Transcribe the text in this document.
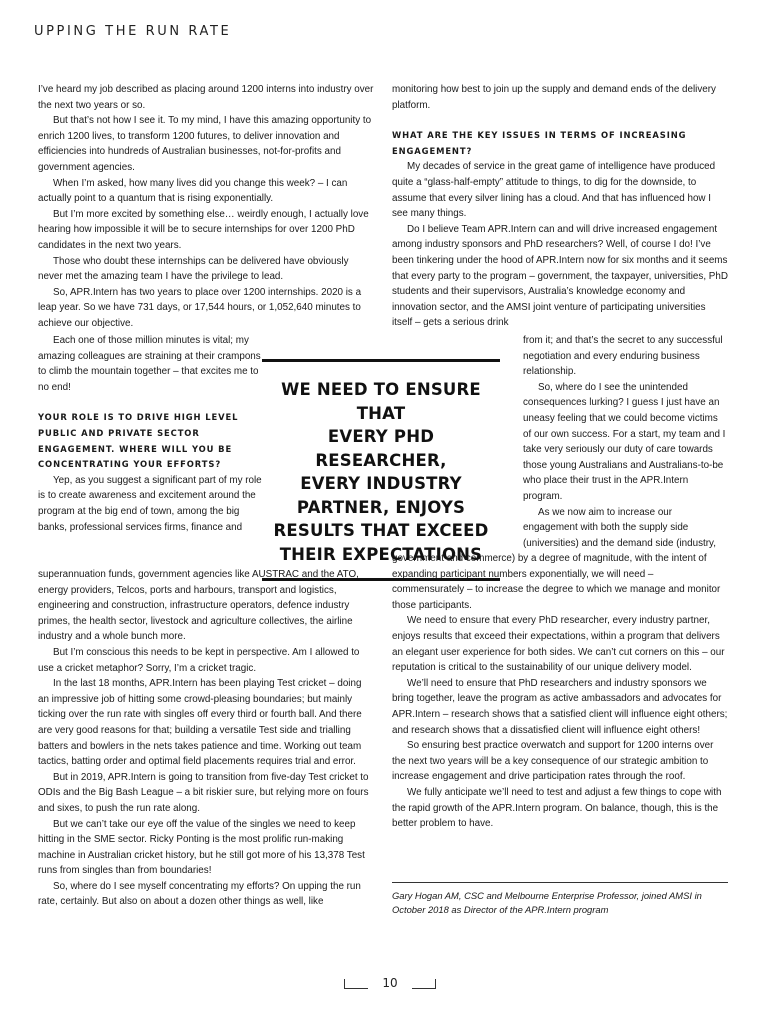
UPPING THE RUN RATE

I’ve heard my job described as placing around 1200 interns into industry over the next two years or so.

But that’s not how I see it. To my mind, I have this amazing opportunity to enrich 1200 lives, to transform 1200 futures, to deliver innovation and efficiencies into hundreds of Australian businesses, not-for-profits and government agencies.

When I’m asked, how many lives did you change this week? – I can actually point to a quantum that is rising exponentially.

But I’m more excited by something else… weirdly enough, I actually love hearing how impossible it will be to secure internships for over 1200 PhD candidates in the next two years.

Those who doubt these internships can be delivered have obviously never met the amazing team I have the privilege to lead.

So, APR.Intern has two years to place over 1200 internships. 2020 is a leap year. So we have 731 days, or 17,544 hours, or 1,052,640 minutes to achieve our objective.

Each one of those million minutes is vital; my amazing colleagues are straining at their crampons to climb the mountain together – that excites me to no end!

YOUR ROLE IS TO DRIVE HIGH LEVEL PUBLIC AND PRIVATE SECTOR ENGAGEMENT. WHERE WILL YOU BE CONCENTRATING YOUR EFFORTS?

Yep, as you suggest a significant part of my role is to create awareness and excitement around the program at the big end of town, among the big banks, professional services firms, finance and

superannuation funds, government agencies like AUSTRAC and the ATO, energy providers, Telcos, ports and harbours, transport and logistics, engineering and construction, infrastructure operators, defence industry primes, the health sector, livestock and agriculture collectives, the airline industry and a whole bunch more.

But I’m conscious this needs to be kept in perspective. Am I allowed to use a cricket metaphor? Sorry, I’m a cricket tragic.

In the last 18 months, APR.Intern has been playing Test cricket – doing an impressive job of hitting some crowd-pleasing boundaries; but mainly ticking over the run rate with singles off every third or fourth ball. And there are very good reasons for that; building a versatile Test side and trialling batters and bowlers in the nets takes patience and time. Working out team tactics, batting order and optimal field placements requires trial and error.

But in 2019, APR.Intern is going to transition from five-day Test cricket to ODIs and the Big Bash League – a bit riskier sure, but relying more on fours and sixes, to push the run rate along.

But we can’t take our eye off the value of the singles we need to keep hitting in the SME sector. Ricky Ponting is the most prolific run-making machine in Australian cricket history, but he still got more of his 13,378 Test runs from singles than from boundaries!

So, where do I see myself concentrating my efforts? On upping the run rate, certainly. But also on about a dozen other things as well, like

monitoring how best to join up the supply and demand ends of the delivery platform.

WHAT ARE THE KEY ISSUES IN TERMS OF INCREASING ENGAGEMENT?

My decades of service in the great game of intelligence have produced quite a “glass-half-empty” attitude to things, to dig for the downside, to assume that every silver lining has a cloud. And that has influenced how I see many things.

Do I believe Team APR.Intern can and will drive increased engagement among industry sponsors and PhD researchers? Well, of course I do! I’ve been tinkering under the hood of APR.Intern now for six months and it seems that every party to the program – government, the taxpayer, universities, PhD students and their supervisors, Australia’s knowledge economy and innovation sector, and the AMSI joint venture of participating universities itself – gets a serious drink

from it; and that’s the secret to any successful negotiation and every enduring business relationship.

So, where do I see the unintended consequences lurking? I guess I just have an uneasy feeling that we could become victims of our own success. For a start, my team and I take very seriously our duty of care towards those young Australians and Australians-to-be who place their trust in the APR.Intern program.

As we now aim to increase our engagement with both the supply side (universities) and the demand side (industry,

government and commerce) by a degree of magnitude, with the intent of expanding participant numbers exponentially, we will need – commensurately – to increase the degree to which we manage and monitor those participants.

We need to ensure that every PhD researcher, every industry partner, enjoys results that exceed their expectations, within a program that delivers an elegant user experience for both sides. We can’t cut corners on this – our reputation is critical to the sustainability of our unique delivery model.

We’ll need to ensure that PhD researchers and industry sponsors we bring together, leave the program as active ambassadors and advocates for APR.Intern – research shows that a satisfied client will influence eight others; and research shows that a dissatisfied client will influence eight others!

So ensuring best practice overwatch and support for 1200 interns over the next two years will be a key consequence of our strategic ambition to increase engagement and drive participation rates through the roof.

We fully anticipate we’ll need to test and adjust a few things to cope with the rapid growth of the APR.Intern program. On balance, though, this is the better problem to have.

WE NEED TO ENSURE THAT
EVERY PHD RESEARCHER,
EVERY INDUSTRY
PARTNER, ENJOYS
RESULTS THAT EXCEED
THEIR EXPECTATIONS
Gary Hogan AM, CSC and Melbourne Enterprise Professor, joined AMSI in October 2018 as Director of the APR.Intern program
10
